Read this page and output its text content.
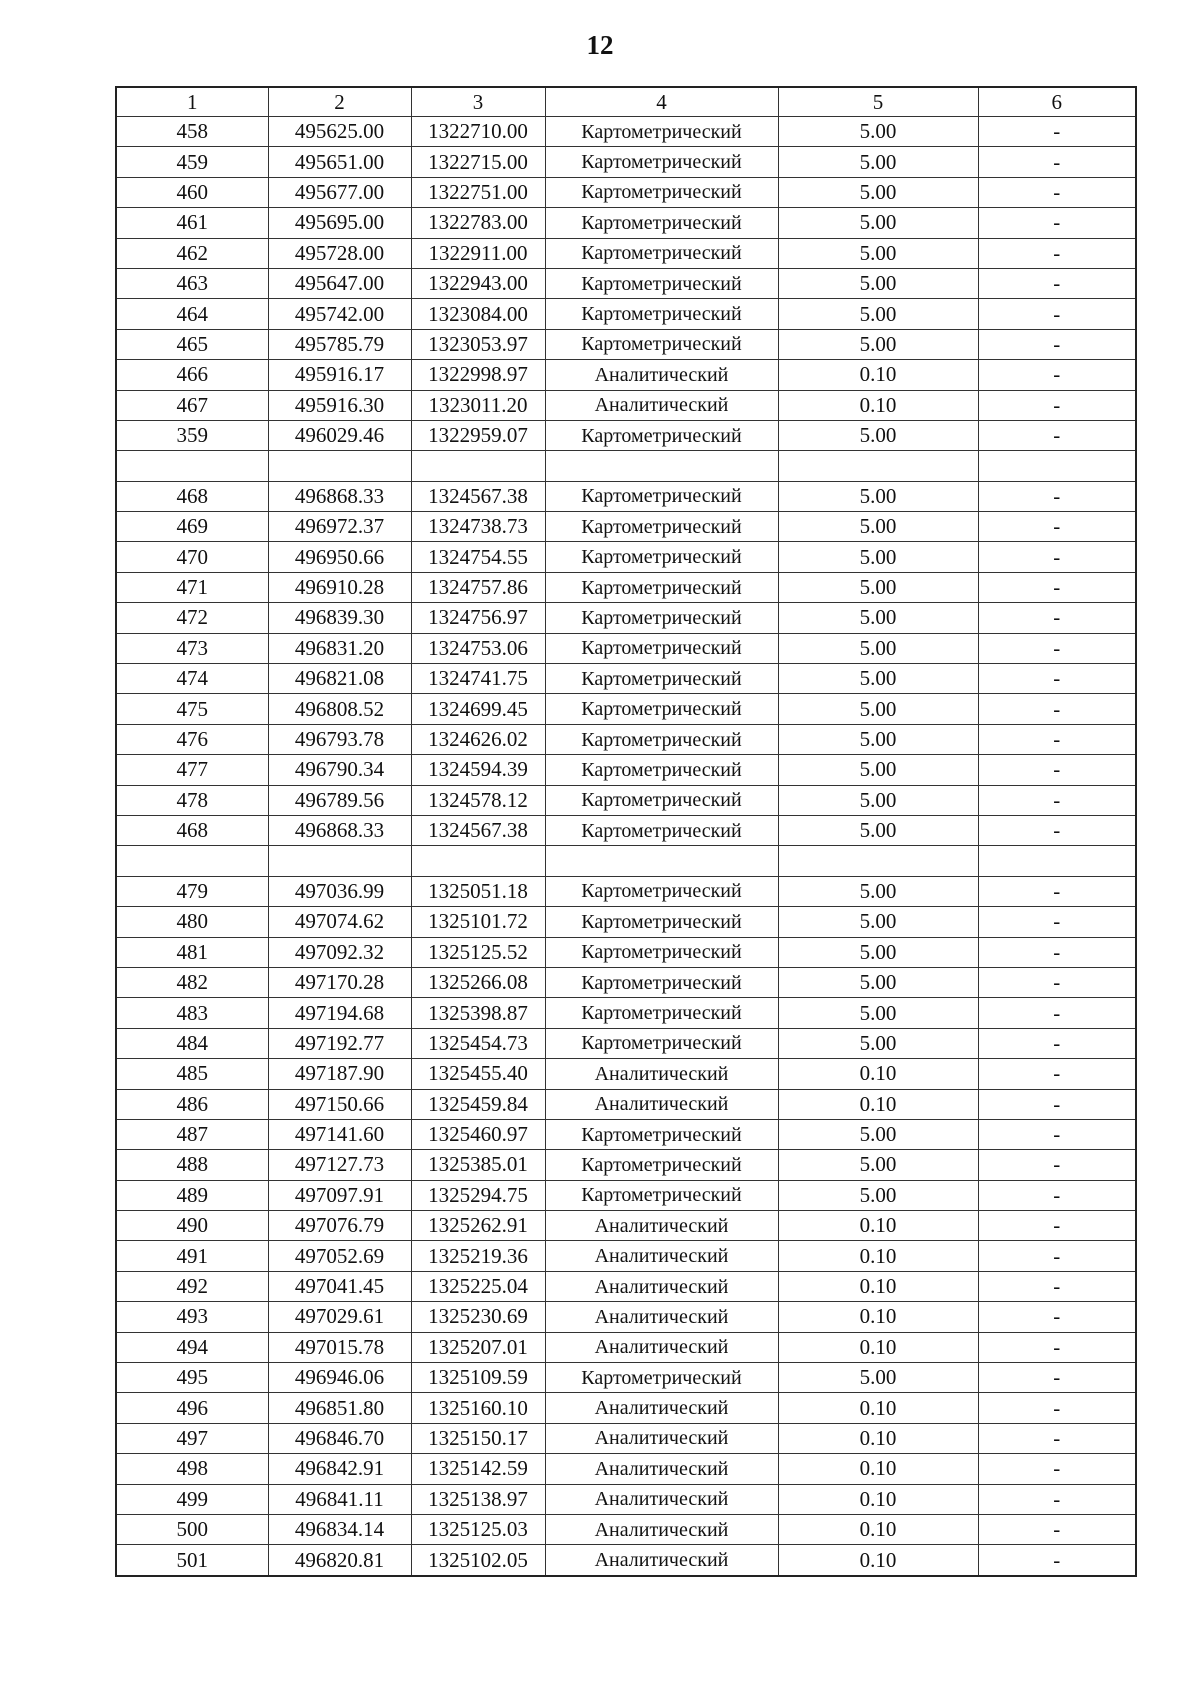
12
1	2	3	4	5	6
458	495625.00	1322710.00	Картометрический	5.00	-
459	495651.00	1322715.00	Картометрический	5.00	-
460	495677.00	1322751.00	Картометрический	5.00	-
461	495695.00	1322783.00	Картометрический	5.00	-
462	495728.00	1322911.00	Картометрический	5.00	-
463	495647.00	1322943.00	Картометрический	5.00	-
464	495742.00	1323084.00	Картометрический	5.00	-
465	495785.79	1323053.97	Картометрический	5.00	-
466	495916.17	1322998.97	Аналитический	0.10	-
467	495916.30	1323011.20	Аналитический	0.10	-
359	496029.46	1322959.07	Картометрический	5.00	-

468	496868.33	1324567.38	Картометрический	5.00	-
469	496972.37	1324738.73	Картометрический	5.00	-
470	496950.66	1324754.55	Картометрический	5.00	-
471	496910.28	1324757.86	Картометрический	5.00	-
472	496839.30	1324756.97	Картометрический	5.00	-
473	496831.20	1324753.06	Картометрический	5.00	-
474	496821.08	1324741.75	Картометрический	5.00	-
475	496808.52	1324699.45	Картометрический	5.00	-
476	496793.78	1324626.02	Картометрический	5.00	-
477	496790.34	1324594.39	Картометрический	5.00	-
478	496789.56	1324578.12	Картометрический	5.00	-
468	496868.33	1324567.38	Картометрический	5.00	-

479	497036.99	1325051.18	Картометрический	5.00	-
480	497074.62	1325101.72	Картометрический	5.00	-
481	497092.32	1325125.52	Картометрический	5.00	-
482	497170.28	1325266.08	Картометрический	5.00	-
483	497194.68	1325398.87	Картометрический	5.00	-
484	497192.77	1325454.73	Картометрический	5.00	-
485	497187.90	1325455.40	Аналитический	0.10	-
486	497150.66	1325459.84	Аналитический	0.10	-
487	497141.60	1325460.97	Картометрический	5.00	-
488	497127.73	1325385.01	Картометрический	5.00	-
489	497097.91	1325294.75	Картометрический	5.00	-
490	497076.79	1325262.91	Аналитический	0.10	-
491	497052.69	1325219.36	Аналитический	0.10	-
492	497041.45	1325225.04	Аналитический	0.10	-
493	497029.61	1325230.69	Аналитический	0.10	-
494	497015.78	1325207.01	Аналитический	0.10	-
495	496946.06	1325109.59	Картометрический	5.00	-
496	496851.80	1325160.10	Аналитический	0.10	-
497	496846.70	1325150.17	Аналитический	0.10	-
498	496842.91	1325142.59	Аналитический	0.10	-
499	496841.11	1325138.97	Аналитический	0.10	-
500	496834.14	1325125.03	Аналитический	0.10	-
501	496820.81	1325102.05	Аналитический	0.10	-
